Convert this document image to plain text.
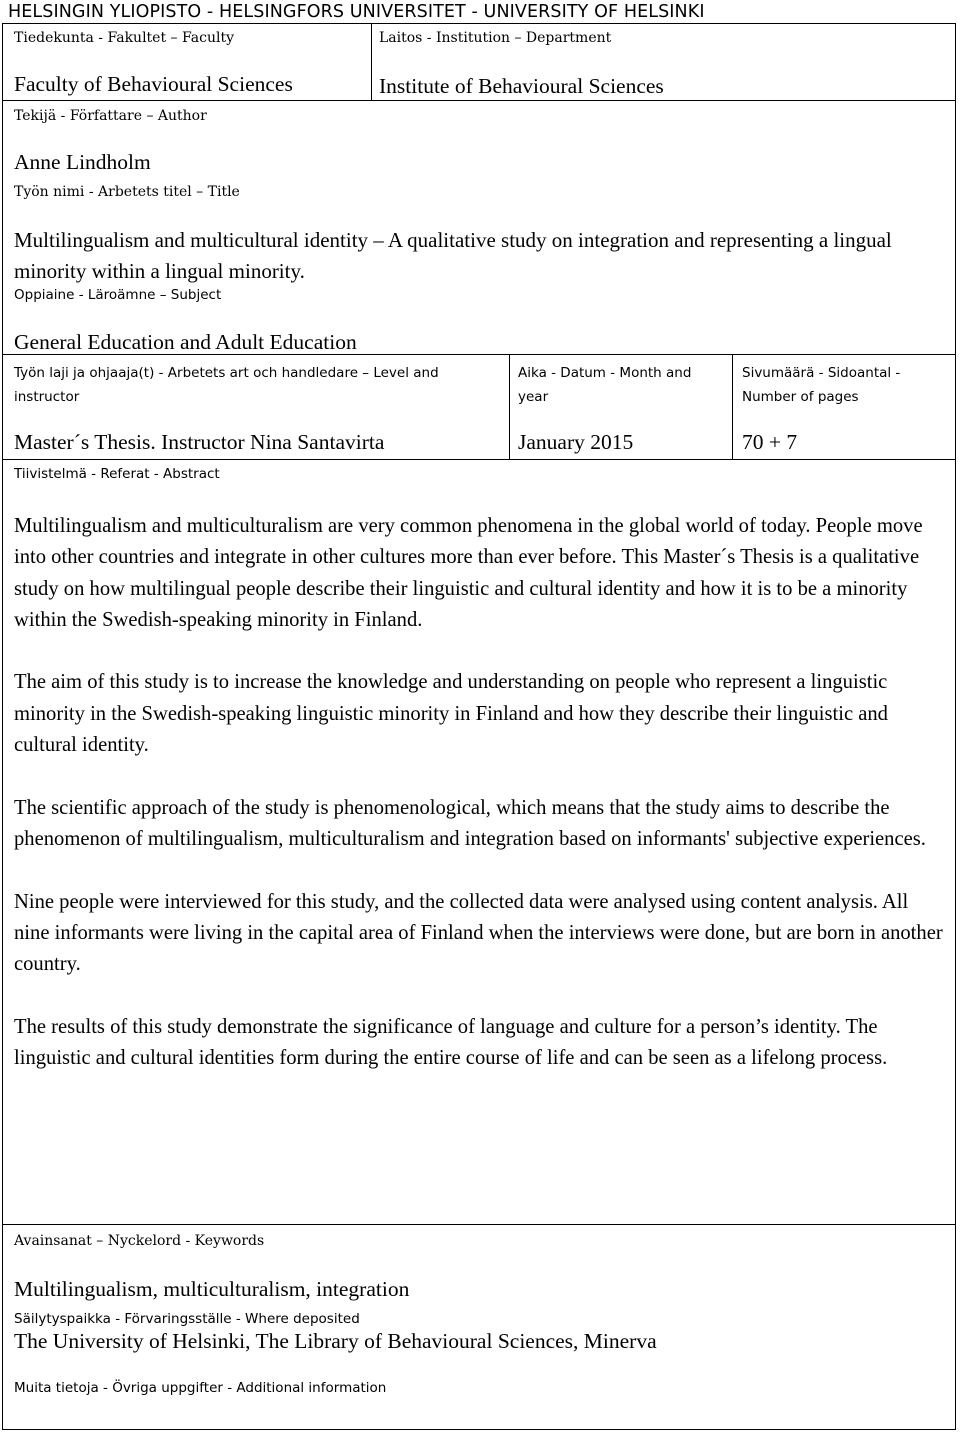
HELSINGIN YLIOPISTO - HELSINGFORS UNIVERSITET - UNIVERSITY OF HELSINKI
Tiedekunta - Fakultet – Faculty
Faculty of Behavioural Sciences
Laitos - Institution – Department
Institute of Behavioural Sciences
Tekijä - Författare – Author
Anne Lindholm
Työn nimi - Arbetets titel – Title
Multilingualism and multicultural identity – A qualitative study on integration and representing a lingual minority within a lingual minority.
Oppiaine - Läroämne – Subject
General Education and Adult Education
Työn laji ja ohjaaja(t) - Arbetets art och handledare – Level and instructor
Master´s Thesis. Instructor Nina Santavirta
Aika - Datum - Month and year
January 2015
Sivumäärä - Sidoantal - Number of pages
70 + 7
Tiivistelmä - Referat - Abstract

Multilingualism and multiculturalism are very common phenomena in the global world of today. People move into other countries and integrate in other cultures more than ever before. This Master´s Thesis is a qualitative study on how multilingual people describe their linguistic and cultural identity and how it is to be a minority within the Swedish-speaking minority in Finland.

The aim of this study is to increase the knowledge and understanding on people who represent a linguistic minority in the Swedish-speaking linguistic minority in Finland and how they describe their linguistic and cultural identity.

The scientific approach of the study is phenomenological, which means that the study aims to describe the phenomenon of multilingualism, multiculturalism and integration based on informants' subjective experiences.

Nine people were interviewed for this study, and the collected data were analysed using content analysis. All nine informants were living in the capital area of Finland when the interviews were done, but are born in another country.

The results of this study demonstrate the significance of language and culture for a person’s identity. The linguistic and cultural identities form during the entire course of life and can be seen as a lifelong process.

Avainsanat – Nyckelord - Keywords
Multilingualism, multiculturalism, integration
Säilytyspaikka - Förvaringsställe - Where deposited
The University of Helsinki, The Library of Behavioural Sciences, Minerva
Muita tietoja - Övriga uppgifter - Additional information
